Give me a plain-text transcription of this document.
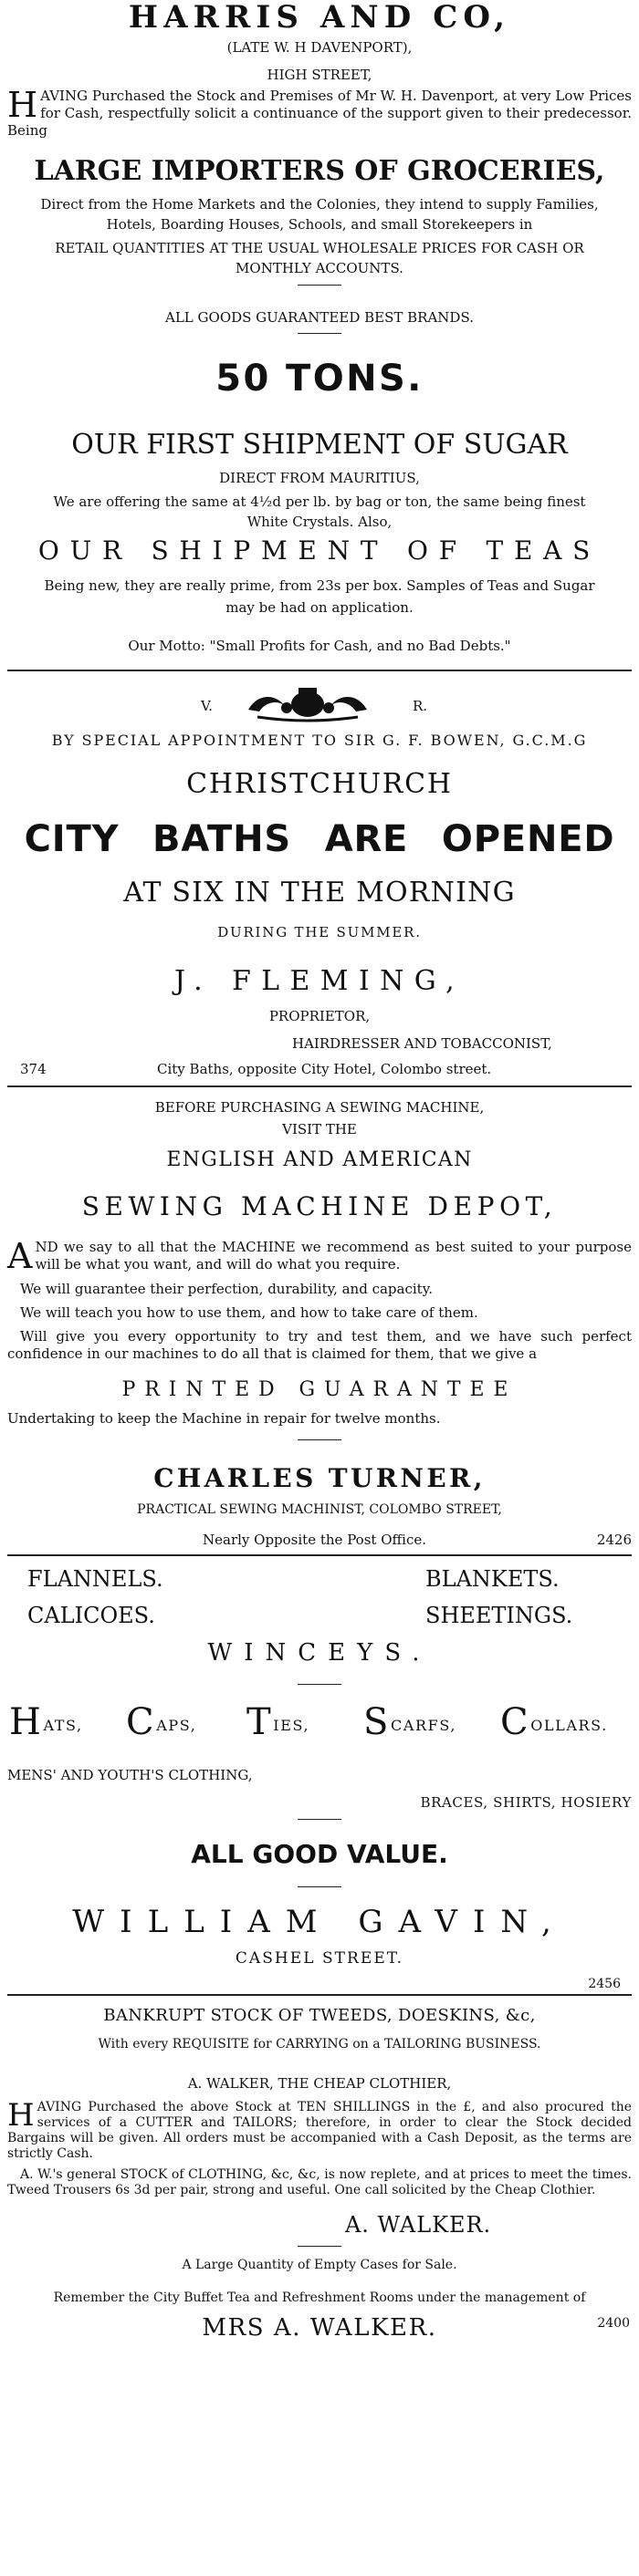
HARRIS AND CO,
(LATE W. H DAVENPORT),
HIGH STREET,
H AVING Purchased the Stock and Premises of Mr W. H. Davenport, at very Low Prices for Cash, respectfully solicit a continuance of the support given to their predecessor. Being
LARGE IMPORTERS OF GROCERIES,
Direct from the Home Markets and the Colonies, they intend to supply Families,
Hotels, Boarding Houses, Schools, and small Storekeepers in
RETAIL QUANTITIES AT THE USUAL WHOLESALE PRICES FOR CASH OR
MONTHLY ACCOUNTS.
ALL GOODS GUARANTEED BEST BRANDS.
50 TONS.
OUR FIRST SHIPMENT OF SUGAR
DIRECT FROM MAURITIUS,
We are offering the same at 4½d per lb. by bag or ton, the same being finest
White Crystals. Also,
OUR SHIPMENT OF TEAS
Being new, they are really prime, from 23s per box. Samples of Teas and Sugar
may be had on application.
Our Motto: "Small Profits for Cash, and no Bad Debts."
V.	R.
BY SPECIAL APPOINTMENT TO SIR G. F. BOWEN, G.C.M.G
CHRISTCHURCH
CITY BATHS ARE OPENED
AT SIX IN THE MORNING
DURING THE SUMMER.
J. FLEMING,
PROPRIETOR,
HAIRDRESSER AND TOBACCONIST,
374	City Baths, opposite City Hotel, Colombo street.
BEFORE PURCHASING A SEWING MACHINE,
VISIT THE
ENGLISH AND AMERICAN
SEWING MACHINE DEPOT,
A ND we say to all that the MACHINE we recommend as best suited to your purpose will be what you want, and will do what you require.
We will guarantee their perfection, durability, and capacity.
We will teach you how to use them, and how to take care of them.
Will give you every opportunity to try and test them, and we have such perfect confidence in our machines to do all that is claimed for them, that we give a
PRINTED GUARANTEE
Undertaking to keep the Machine in repair for twelve months.
CHARLES TURNER,
PRACTICAL SEWING MACHINIST, COLOMBO STREET,
Nearly Opposite the Post Office.	2426
FLANNELS.	BLANKETS.
CALICOES.	SHEETINGS.
WINCEYS.
HATS, CAPS, TIES, SCARFS, COLLARS.
MENS' AND YOUTH'S CLOTHING,
BRACES, SHIRTS, HOSIERY
ALL GOOD VALUE.
WILLIAM GAVIN,
CASHEL STREET.
2456
BANKRUPT STOCK OF TWEEDS, DOESKINS, &c,
With every REQUISITE for CARRYING on a TAILORING BUSINESS.
A. WALKER, THE CHEAP CLOTHIER,
H AVING Purchased the above Stock at TEN SHILLINGS in the £, and also procured the services of a CUTTER and TAILORS; therefore, in order to clear the Stock decided Bargains will be given. All orders must be accompanied with a Cash Deposit, as the terms are strictly Cash.
A. W.'s general STOCK of CLOTHING, &c, &c, is now replete, and at prices to meet the times. Tweed Trousers 6s 3d per pair, strong and useful. One call solicited by the Cheap Clothier.
A. WALKER.
A Large Quantity of Empty Cases for Sale.
Remember the City Buffet Tea and Refreshment Rooms under the management of
MRS A. WALKER.	2400
